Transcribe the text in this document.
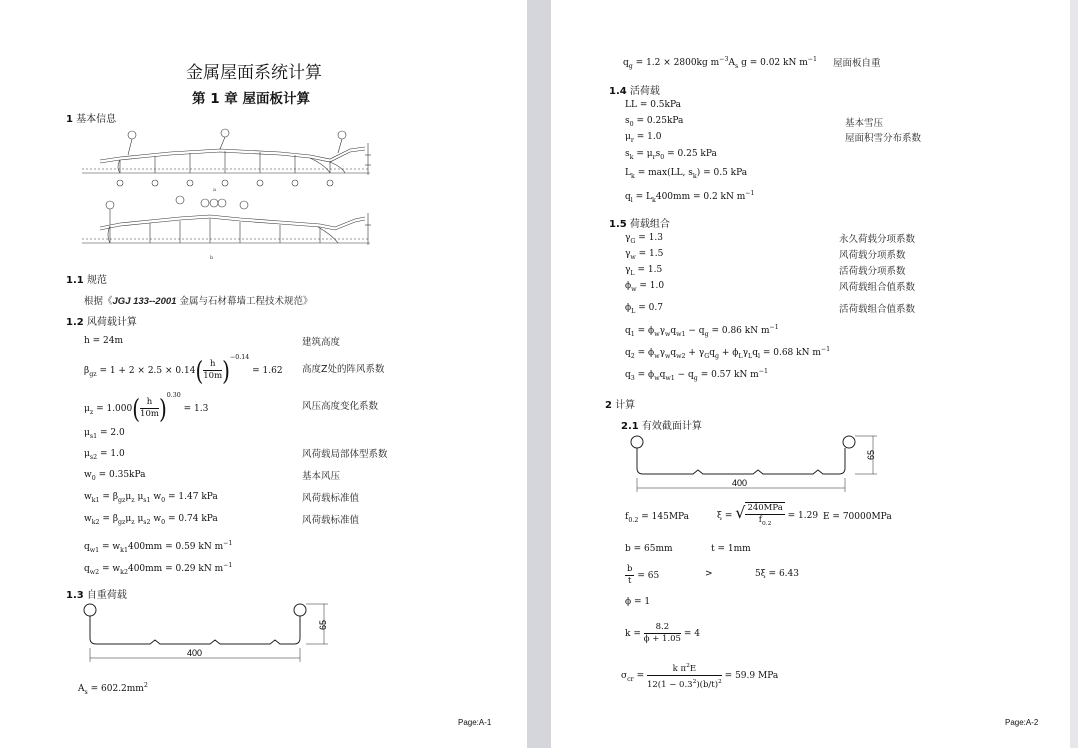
金属屋面系统计算
第 1 章 屋面板计算
1 基本信息
a
b
1.1 规范
根据《JGJ 133--2001 金属与石材幕墙工程技术规范》
1.2 风荷载计算
h = 24m	建筑高度
$\beta_{gz} = 1 + 2 \times 2.5 \times 0.14( \frac{h}{10m} )^{-0.14} = 1.62$ 高度Z处的阵风系数
$\mu_z = 1.000( \frac{h}{10m} )^{0.30} = 1.3$	风压高度变化系数
$\mu_{s1} = 2.0$
$\mu_{s2} = 1.0$	风荷载局部体型系数
$w_0 = 0.35kPa$	基本风压
$w_{k1} = \beta_{gz}\mu_z$ $\mu_{s1}$ $w_0 = 1.47$ kPa	风荷载标准值
$w_{k2} = \beta_{gz}\mu_z$ $\mu_{s2}$ $w_0 = 0.74$ kPa	风荷载标准值
$q_{w1} = w_{k1}400mm = 0.59$ kN $m^{-1}$
$q_{w2} = w_{k2}400mm = 0.29$ kN $m^{-1}$
1.3 自重荷载
400
65
$A_s = 602.2mm^2$
Page:A-1
$q_g = 1.2 \times 2800kg$ $m^{-3}A_s$ g = 0.02 kN $m^{-1}$ 屋面板自重
1.4 活荷载
LL = 0.5kPa
$s_0 = 0.25kPa$	基本雪压
$\mu_r = 1.0$	屋面积雪分布系数
$s_k = \mu_rs_0 = 0.25$ kPa
$L_k = \max(LL$, $s_k) = 0.5$ kPa
$q_l = L_k400mm = 0.2$ kN $m^{-1}$
1.5 荷载组合
$\gamma_G = 1.3$	永久荷载分项系数
$\gamma_w = 1.5$	风荷载分项系数
$\gamma_L = 1.5$	活荷载分项系数
$\phi_w = 1.0$	风荷载组合值系数
$\phi_L = 0.7$	活荷载组合值系数
$q_1 = \phi_w\gamma_wq_{w1} - q_g = 0.86$ kN $m^{-1}$
$q_2 = \phi_w\gamma_wq_{w2} + \gamma_Gq_g + \phi_L\gamma_Lq_l = 0.68$ kN $m^{-1}$
$q_3 = \phi_wq_{w1} - q_g = 0.57$ kN $m^{-1}$
2 计算
2.1 有效截面计算
400
65
$f_{0.2} = 145MPa$	ξ = √ $\frac{\text{240MPa}}{f_{0.2}} = 1.29$ E = 70000MPa
b = 65mm	t = 1mm
$\frac{b}{t} = 65$	>	5ξ = 6.43
ϕ = 1
$k = \frac{8.2}{\phi + 1.05} = 4$
$\sigma_{cr} = \frac{k \pi^2E}{12(1 - 0.3^2)(b/t)^2} = 59.9$ MPa
Page:A-2
